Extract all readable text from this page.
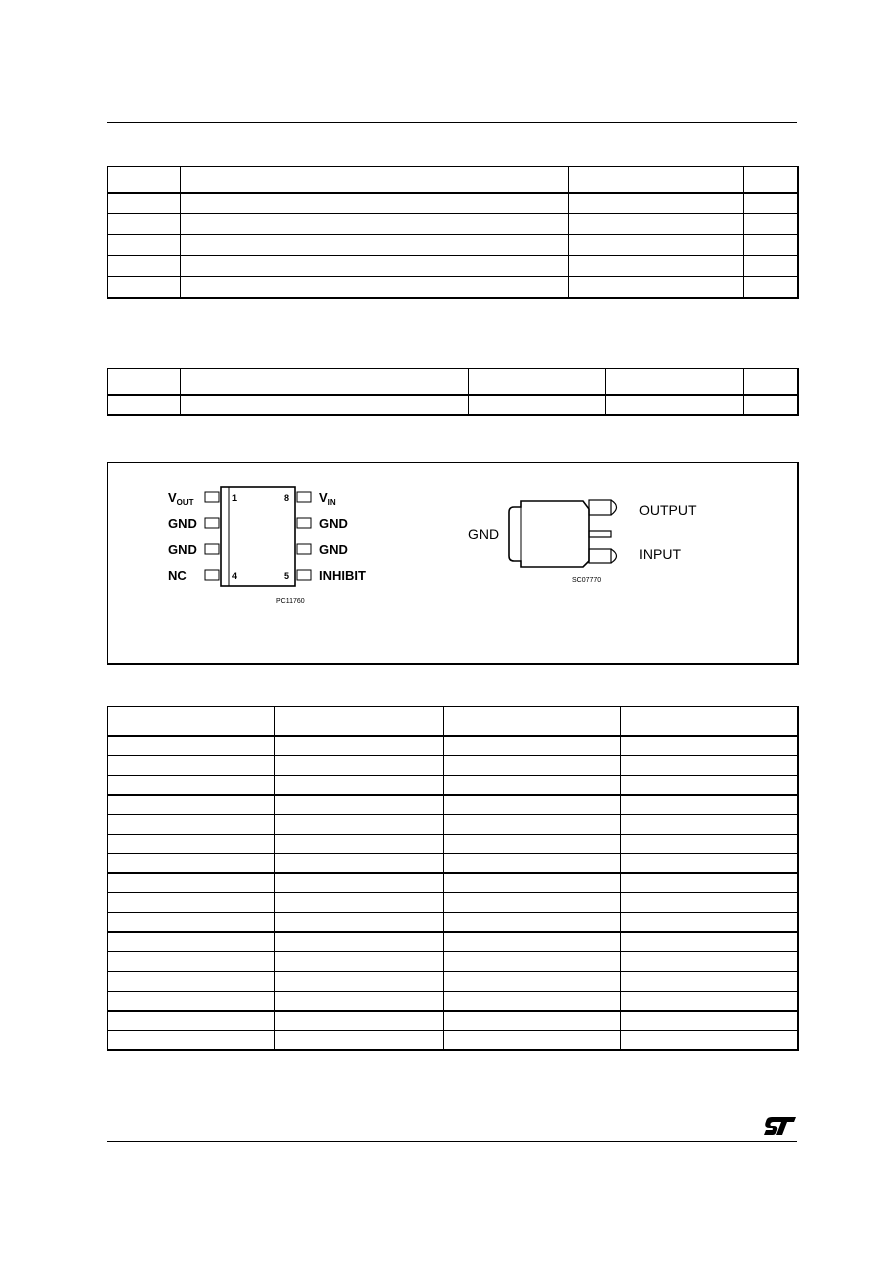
$V_{OUT}$
GND
GND
NC
$V_{IN}$
GND
GND
INHIBIT
1
4
8
5
PC11760
GND
OUTPUT
INPUT
SC07770
